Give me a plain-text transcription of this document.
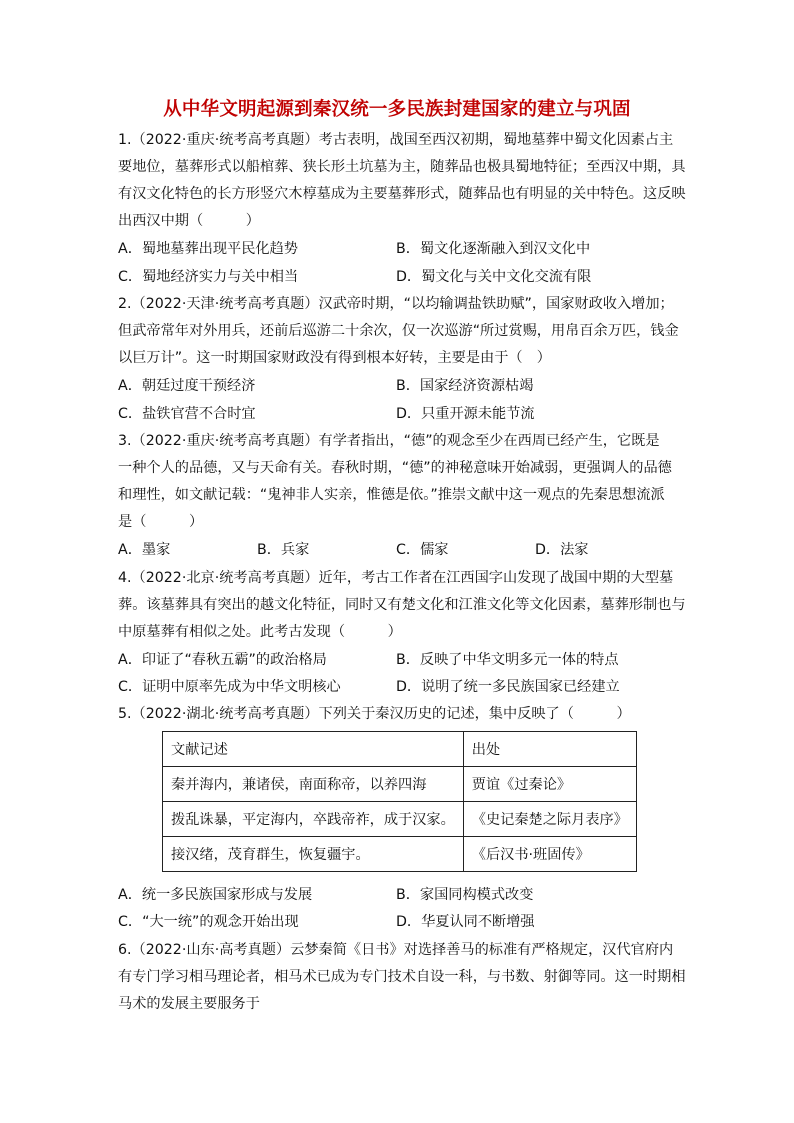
从中华文明起源到秦汉统一多民族封建国家的建立与巩固
1.（2022·重庆·统考高考真题）考古表明，战国至西汉初期，蜀地墓葬中蜀文化因素占主
要地位，墓葬形式以船棺葬、狭长形土坑墓为主，随葬品也极具蜀地特征；至西汉中期，具
有汉文化特色的长方形竖穴木椁墓成为主要墓葬形式，随葬品也有明显的关中特色。这反映
出西汉中期（　　　）
A．蜀地墓葬出现平民化趋势	B．蜀文化逐渐融入到汉文化中
C．蜀地经济实力与关中相当	D．蜀文化与关中文化交流有限
2.（2022·天津·统考高考真题）汉武帝时期，“以均输调盐铁助赋”，国家财政收入增加；
但武帝常年对外用兵，还前后巡游二十余次，仅一次巡游“所过赏赐，用帛百余万匹，钱金
以巨万计”。这一时期国家财政没有得到根本好转，主要是由于（　）
A．朝廷过度干预经济	B．国家经济资源枯竭
C．盐铁官营不合时宜	D．只重开源未能节流
3.（2022·重庆·统考高考真题）有学者指出，“德”的观念至少在西周已经产生，它既是
一种个人的品德，又与天命有关。春秋时期，“德”的神秘意味开始减弱，更强调人的品德
和理性，如文献记载：“鬼神非人实亲，惟德是依。”推崇文献中这一观点的先秦思想流派
是（　　　）
A．墨家	B．兵家	C．儒家	D．法家
4.（2022·北京·统考高考真题）近年，考古工作者在江西国字山发现了战国中期的大型墓
葬。该墓葬具有突出的越文化特征，同时又有楚文化和江淮文化等文化因素，墓葬形制也与
中原墓葬有相似之处。此考古发现（　　　）
A．印证了“春秋五霸”的政治格局	B．反映了中华文明多元一体的特点
C．证明中原率先成为中华文明核心	D．说明了统一多民族国家已经建立
5.（2022·湖北·统考高考真题）下列关于秦汉历史的记述，集中反映了（　　　）
文献记述	出处
秦并海内，兼诸侯，南面称帝，以养四海	贾谊《过秦论》
拨乱诛暴，平定海内，卒践帝祚，成于汉家。	《史记秦楚之际月表序》
接汉绪，茂育群生，恢复疆宇。	《后汉书·班固传》
A．统一多民族国家形成与发展	B．家国同构模式改变
C．“大一统”的观念开始出现	D．华夏认同不断增强
6.（2022·山东·高考真题）云梦秦简《日书》对选择善马的标准有严格规定，汉代官府内
有专门学习相马理论者，相马术已成为专门技术自设一科，与书数、射御等同。这一时期相
马术的发展主要服务于
